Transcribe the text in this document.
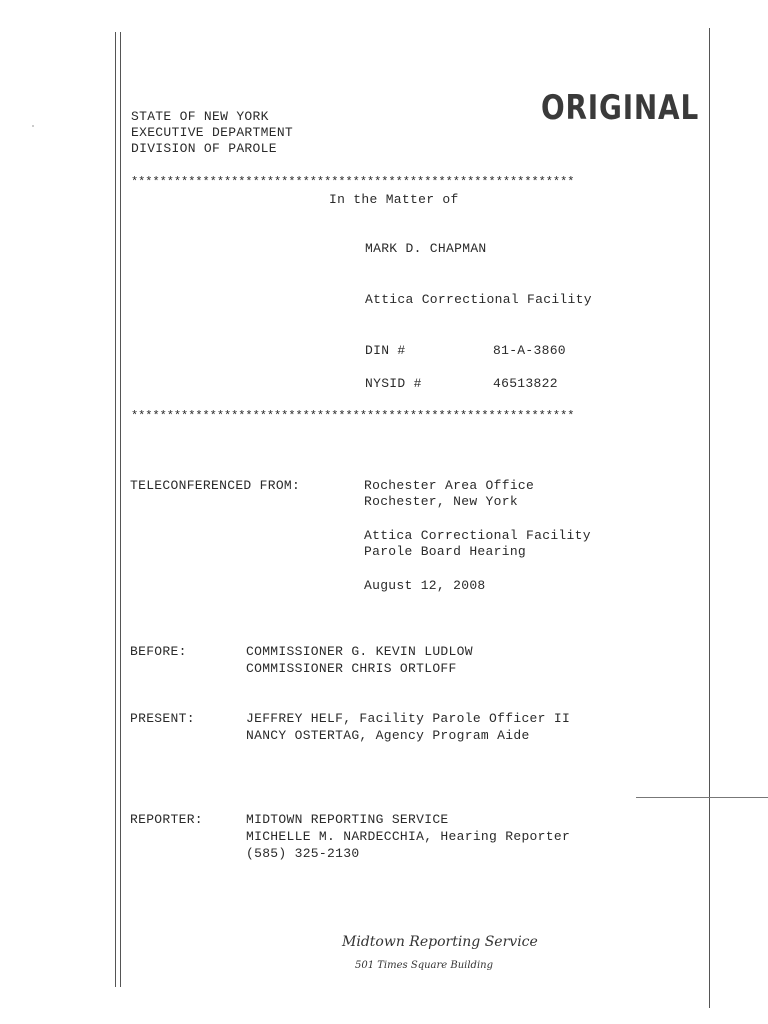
STATE OF NEW YORK
EXECUTIVE DEPARTMENT
DIVISION OF PAROLE
ORIGINAL
**************************************************************
In the Matter of
MARK D. CHAPMAN
Attica Correctional Facility
DIN #	81-A-3860
NYSID #	46513822
**************************************************************
TELECONFERENCED FROM:	Rochester Area Office
Rochester, New York
Attica Correctional Facility
Parole Board Hearing
August 12, 2008
BEFORE:	COMMISSIONER G. KEVIN LUDLOW
COMMISSIONER CHRIS ORTLOFF
PRESENT:	JEFFREY HELF, Facility Parole Officer II
NANCY OSTERTAG, Agency Program Aide
REPORTER:	MIDTOWN REPORTING SERVICE
MICHELLE M. NARDECCHIA, Hearing Reporter
(585) 325-2130
Midtown Reporting Service
501 Times Square Building
